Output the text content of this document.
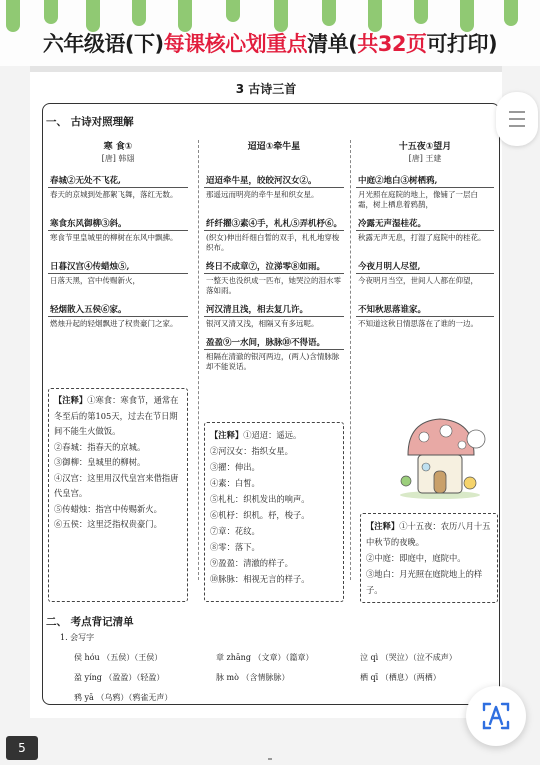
六年级语(下)每课核心划重点清单(共32页可打印)
3 古诗三首
一、 古诗对照理解
二、 考点背记清单
寒 食①
[唐] 韩翃
春城②无处不飞花,
春天的京城到处都絮飞舞，落红无数。
寒食东风御柳③斜。
寒食节里皇城里的柳树在东风中飘拂。
日暮汉宫④传蜡烛⑤,
日落天黑，宫中传赐新火，
轻烟散入五侯⑥家。
燃烛升起的轻烟飘进了权贵豪门之家。
【注释】①寒食：寒食节，通常在冬至后的第105天，过去在节日期间不能生火做饭。
②春城：指春天的京城。
③御柳：皇城里的柳树。
④汉宫：这里用汉代皇宫来借指唐代皇宫。
⑤传蜡烛：指宫中传赐新火。
⑥五侯：这里泛指权贵豪门。
迢迢①牵牛星
迢迢牵牛星，皎皎河汉女②。
那遥远而明亮的牵牛星和织女星。
纤纤擢③素④手，札札⑤弄机杼⑥。
(织女)伸出纤细白皙的双手，札札地穿梭织布。
终日不成章⑦，泣涕零⑧如雨。
一整天也没织成一匹布，她哭泣的泪水零落如雨。
河汉清且浅，相去复几许。
银河又清又浅，相隔又有多远呢。
盈盈⑨一水间，脉脉⑩不得语。
相隔在清澈的银河两边，(两人)含情脉脉却不能说话。
【注释】①迢迢：遥远。
②河汉女：指织女星。
③擢：伸出。
④素：白皙。
⑤札札：织机发出的响声。
⑥机杼：织机。杼，梭子。
⑦章：花纹。
⑧零：落下。
⑨盈盈：清澈的样子。
⑩脉脉：相视无言的样子。
十五夜①望月
[唐] 王建
中庭②地白③树栖鸦,
月光照在庭院的地上，像铺了一层白霜，树上栖息着鸦鹊，
冷露无声湿桂花。
秋露无声无息，打湿了庭院中的桂花。
今夜月明人尽望,
今夜明月当空，世间人人都在仰望，
不知秋思落谁家。
不知道这秋日情思落在了谁的一边。
【注释】①十五夜：农历八月十五中秋节的夜晚。
②中庭：即庭中，庭院中。
③地白：月光照在庭院地上的样子。
1. 会写字
侯 hóu （五侯）（王侯）	章 zhāng （文章）（篇章）	泣 qì （哭泣）（泣不成声）
盈 yíng （盈盈）（轻盈）	脉 mò （含情脉脉）	栖 qī （栖息）（两栖）
鸦 yā （乌鸦）（鸦雀无声）
5
